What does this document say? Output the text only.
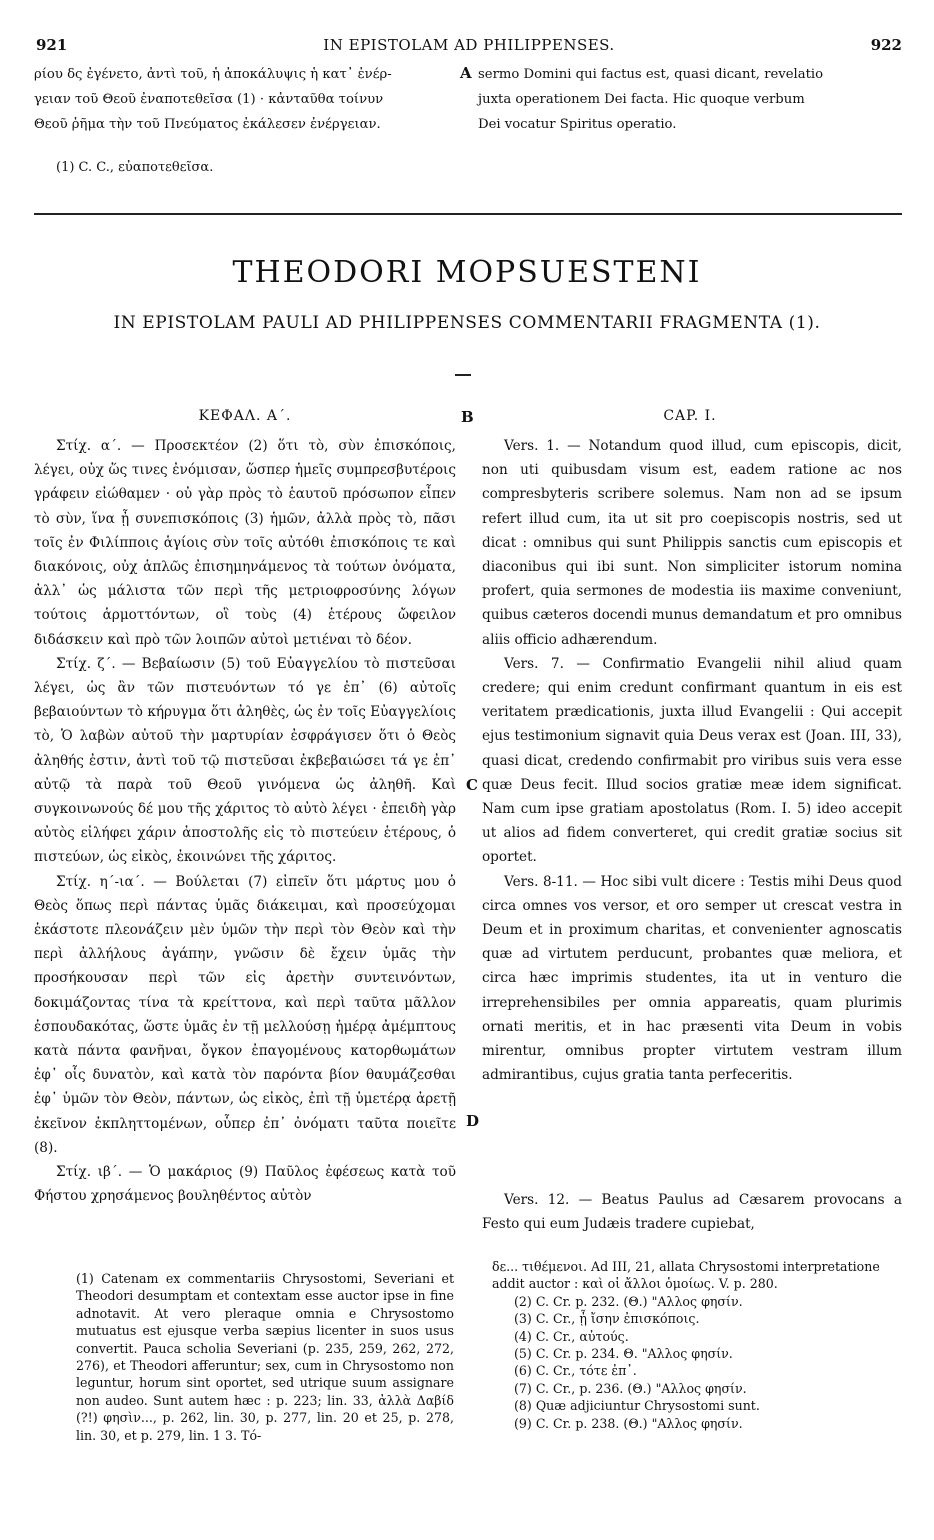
921	IN EPISTOLAM AD PHILIPPENSES.	922

ρίου δς ἐγένετο, ἀντὶ τοῦ, ἡ ἀποκάλυψις ἡ κατ᾽ ἐνέρ-

γειαν τοῦ Θεοῦ ἐναποτεθεῖσα (1) · κἀνταῦθα τοίνυν

Θεοῦ ῥῆμα τὴν τοῦ Πνεύματος ἐκάλεσεν ἐνέργειαν.

A sermo Domini qui factus est, quasi dicant, revelatio

juxta operationem Dei facta. Hic quoque verbum

Dei vocatur Spiritus operatio.

(1) C. C., εὐαποτεθεῖσα.
THEODORI MOPSUESTENI
IN EPISTOLAM PAULI AD PHILIPPENSES COMMENTARII FRAGMENTA (1).
ΚΕΦΑΛ. Α΄.	B	CAP. I.

Στίχ. α΄. — Προσεκτέον (2) ὅτι τὸ, σὺν ἐπισκόποις, λέγει, οὐχ ὥς τινες ἐνόμισαν, ὥσπερ ἡμεῖς συμπρεσβυτέροις γράφειν εἰώθαμεν · οὐ γὰρ πρὸς τὸ ἑαυτοῦ πρόσωπον εἶπεν τὸ σὺν, ἵνα ᾖ συνεπισκόποις (3) ἡμῶν, ἀλλὰ πρὸς τὸ, πᾶσι τοῖς ἐν Φιλίπποις ἁγίοις σὺν τοῖς αὐτόθι ἐπισκόποις τε καὶ διακόνοις, οὐχ ἁπλῶς ἐπισημηνάμενος τὰ τούτων ὀνόματα, ἀλλ᾽ ὡς μάλιστα τῶν περὶ τῆς μετριοφροσύνης λόγων τούτοις ἁρμοττόντων, οἳ τοὺς (4) ἑτέρους ὤφειλον διδάσκειν καὶ πρὸ τῶν λοιπῶν αὐτοὶ μετιέναι τὸ δέον.

Στίχ. ζ΄. — Βεβαίωσιν (5) τοῦ Εὐαγγελίου τὸ πιστεῦσαι λέγει, ὡς ἂν τῶν πιστευόντων τό γε ἐπ᾽ (6) αὐτοῖς βεβαιούντων τὸ κήρυγμα ὅτι ἀληθὲς, ὡς ἐν τοῖς Εὐαγγελίοις τὸ, Ὁ λαβὼν αὐτοῦ τὴν μαρτυρίαν ἐσφράγισεν ὅτι ὁ Θεὸς ἀληθής ἐστιν, ἀντὶ τοῦ τῷ πιστεῦσαι ἐκβεβαιώσει τά γε ἐπ᾽ αὐτῷ τὰ παρὰ τοῦ Θεοῦ γινόμενα ὡς ἀληθῆ. Καὶ συγκοινωνούς δέ μου τῆς χάριτος τὸ αὐτὸ λέγει · ἐπειδὴ γὰρ αὐτὸς εἰλήφει χάριν ἀποστολῆς εἰς τὸ πιστεύειν ἑτέρους, ὁ πιστεύων, ὡς εἰκὸς, ἐκοινώνει τῆς χάριτος.

Στίχ. η΄-ια΄. — Βούλεται (7) εἰπεῖν ὅτι μάρτυς μου ὁ Θεὸς ὅπως περὶ πάντας ὑμᾶς διάκειμαι, καὶ προσεύχομαι ἑκάστοτε πλεονάζειν μὲν ὑμῶν τὴν περὶ τὸν Θεὸν καὶ τὴν περὶ ἀλλήλους ἀγάπην, γνῶσιν δὲ ἔχειν ὑμᾶς τὴν προσήκουσαν περὶ τῶν εἰς ἀρετὴν συντεινόντων, δοκιμάζοντας τίνα τὰ κρείττονα, καὶ περὶ ταῦτα μᾶλλον ἐσπουδακότας, ὥστε ὑμᾶς ἐν τῇ μελλούσῃ ἡμέρᾳ ἀμέμπτους κατὰ πάντα φανῆναι, ὄγκον ἐπαγομένους κατορθωμάτων ἐφ᾽ οἷς δυνατὸν, καὶ κατὰ τὸν παρόντα βίον θαυμάζεσθαι ἐφ᾽ ὑμῶν τὸν Θεὸν, πάντων, ὡς εἰκὸς, ἐπὶ τῇ ὑμετέρᾳ ἀρετῇ ἐκεῖνον ἐκπληττομένων, οὗπερ ἐπ᾽ ὀνόματι ταῦτα ποιεῖτε (8).

Στίχ. ιβ΄. — Ὁ μακάριος (9) Παῦλος ἐφέσεως κατὰ τοῦ Φήστου χρησάμενος βουληθέντος αὐτὸν

C
D

Vers. 1. — Notandum quod illud, cum episcopis, dicit, non uti quibusdam visum est, eadem ratione ac nos compresbyteris scribere solemus. Nam non ad se ipsum refert illud cum, ita ut sit pro coepiscopis nostris, sed ut dicat : omnibus qui sunt Philippis sanctis cum episcopis et diaconibus qui ibi sunt. Non simpliciter istorum nomina profert, quia sermones de modestia iis maxime conveniunt, quibus cæteros docendi munus demandatum et pro omnibus aliis officio adhærendum.

Vers. 7. — Confirmatio Evangelii nihil aliud quam credere; qui enim credunt confirmant quantum in eis est veritatem prædicationis, juxta illud Evangelii : Qui accepit ejus testimonium signavit quia Deus verax est (Joan. III, 33), quasi dicat, credendo confirmabit pro viribus suis vera esse quæ Deus fecit. Illud socios gratiæ meæ idem significat. Nam cum ipse gratiam apostolatus (Rom. I. 5) ideo accepit ut alios ad fidem converteret, qui credit gratiæ socius sit oportet.

Vers. 8-11. — Hoc sibi vult dicere : Testis mihi Deus quod circa omnes vos versor, et oro semper ut crescat vestra in Deum et in proximum charitas, et convenienter agnoscatis quæ ad virtutem perducunt, probantes quæ meliora, et circa hæc imprimis studentes, ita ut in venturo die irreprehensibiles per omnia appareatis, quam plurimis ornati meritis, et in hac præsenti vita Deum in vobis mirentur, omnibus propter virtutem vestram illum admirantibus, cujus gratia tanta perfeceritis.

Vers. 12. — Beatus Paulus ad Cæsarem provocans a Festo qui eum Judæis tradere cupiebat,

(1) Catenam ex commentariis Chrysostomi, Severiani et Theodori desumptam et contextam esse auctor ipse in fine adnotavit. At vero pleraque omnia e Chrysostomo mutuatus est ejusque verba sæpius licenter in suos usus convertit. Pauca scholia Severiani (p. 235, 259, 262, 272, 276), et Theodori afferuntur; sex, cum in Chrysostomo non leguntur, horum sint oportet, sed utrique suum assignare non audeo. Sunt autem hæc : p. 223; lin. 33, ἀλλὰ Δαβίδ (?!) φησὶν..., p. 262, lin. 30, p. 277, lin. 20 et 25, p. 278, lin. 30, et p. 279, lin. 1 3. Τό-

δε... τιθέμενοι. Ad III, 21, allata Chrysostomi interpretatione addit auctor : καὶ οἱ ἄλλοι ὁμοίως. V. p. 280.

(2) C. Cr. p. 232. (Θ.) "Αλλος φησίν.

(3) C. Cr., ᾖ ἴσην ἐπισκόποις.

(4) C. Cr., αὐτούς.

(5) C. Cr. p. 234. Θ. "Αλλος φησίν.

(6) C. Cr., τότε ἐπ᾽.

(7) C. Cr., p. 236. (Θ.) "Αλλος φησίν.

(8) Quæ adjiciuntur Chrysostomi sunt.

(9) C. Cr. p. 238. (Θ.) "Αλλος φησίν.
